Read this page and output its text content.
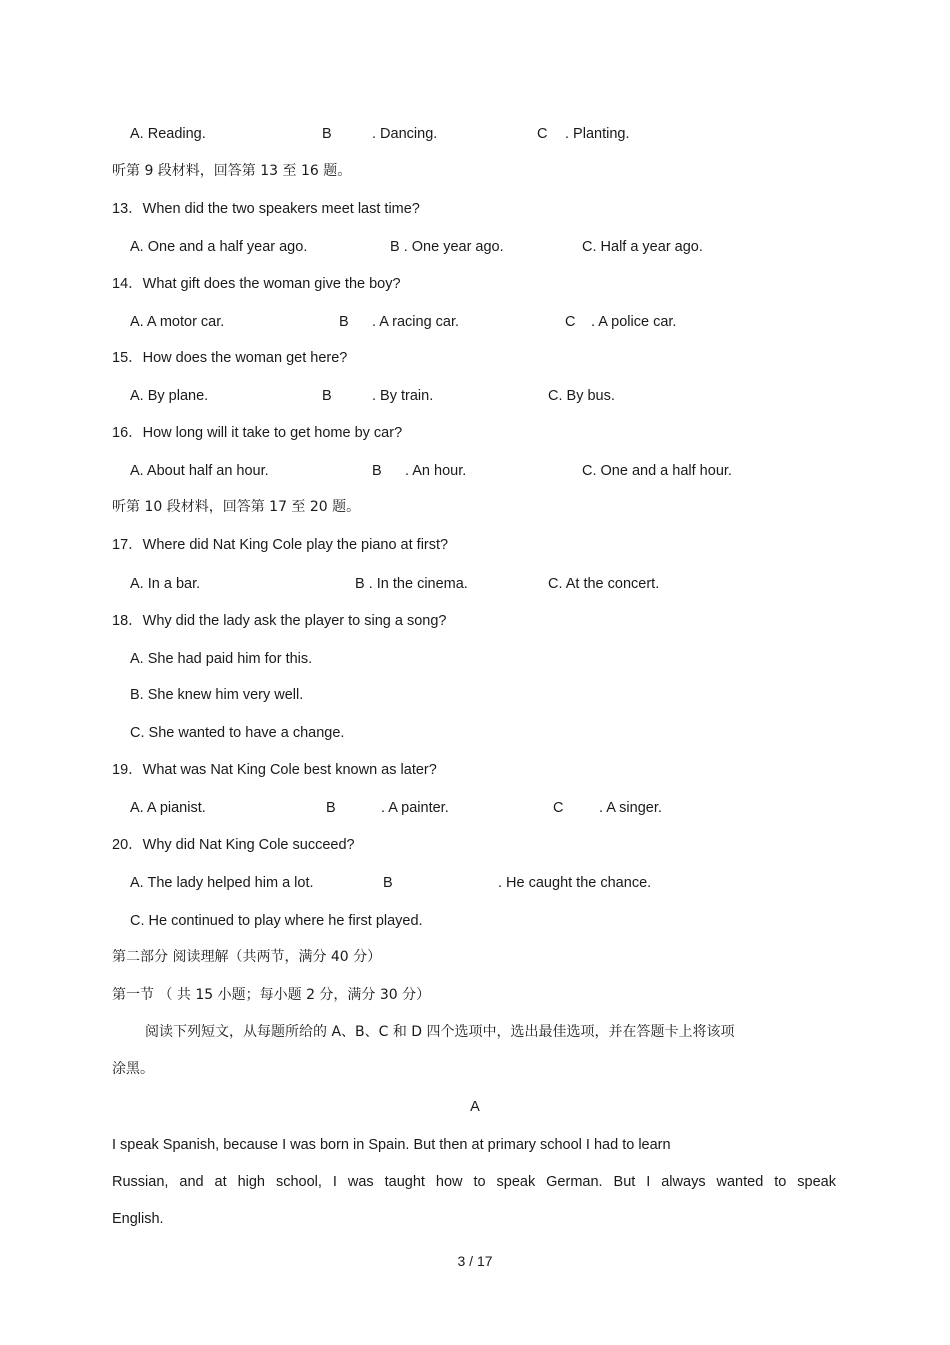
A. Reading.	B	. Dancing.	C . Planting.
听第 9 段材料，回答第 13 至 16 题。
13．When did the two speakers meet last time?
A. One and a half year ago.	B . One year ago.	C. Half a year ago.
14．What gift does the woman give the boy?
A. A motor car.	B . A racing car.	C . A police car.
15．How does the woman get here?
A. By plane.	B	. By train.	C. By bus.
16．How long will it take to get home by car?
A. About half an hour.	B . An hour.	C. One and a half hour.
听第 10 段材料，回答第 17 至 20 题。
17．Where did Nat King Cole play the piano at first?
A. In a bar.	B . In the cinema.	C. At the concert.
18．Why did the lady ask the player to sing a song?
A. She had paid him for this.
B. She knew him very well.
C. She wanted to have a change.
19．What was Nat King Cole best known as later?
A. A pianist.	B	. A painter.	C . A singer.
20．Why did Nat King Cole succeed?
A. The lady helped him a lot.	B	. He caught the chance.
C. He continued to play where he first played.
第二部分 阅读理解（共两节，满分 40 分）
第一节 （ 共 15 小题；每小题 2 分，满分 30 分）
阅读下列短文，从每题所给的 A、B、C 和 D 四个选项中，选出最佳选项，并在答题卡上将该项
涂黑。
A
I speak Spanish, because I was born in Spain. But then at primary school I had to learn
Russian, and at high school, I was taught how to speak German. But I always wanted to speak
English.
3 / 17
